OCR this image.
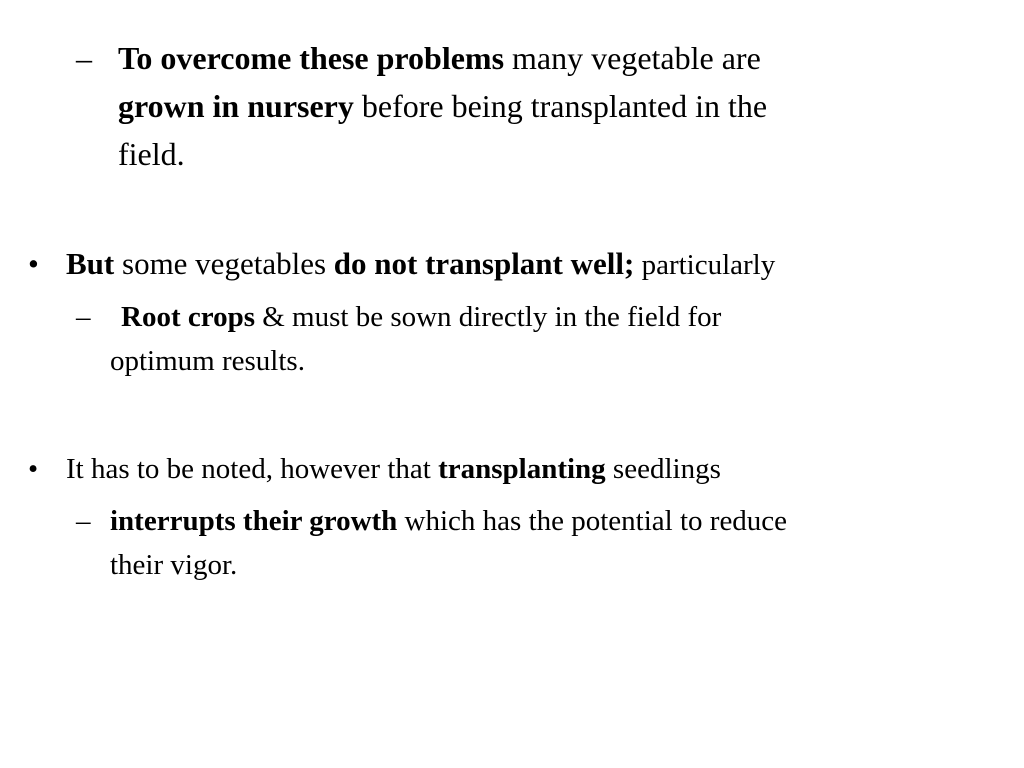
– To overcome these problems many vegetable are
grown in nursery before being transplanted in the
field.
• But some vegetables do not transplant well; particularly
– Root crops & must be sown directly in the field for
optimum results.
• It has to be noted, however that transplanting seedlings
– interrupts their growth which has the potential to reduce
their vigor.
